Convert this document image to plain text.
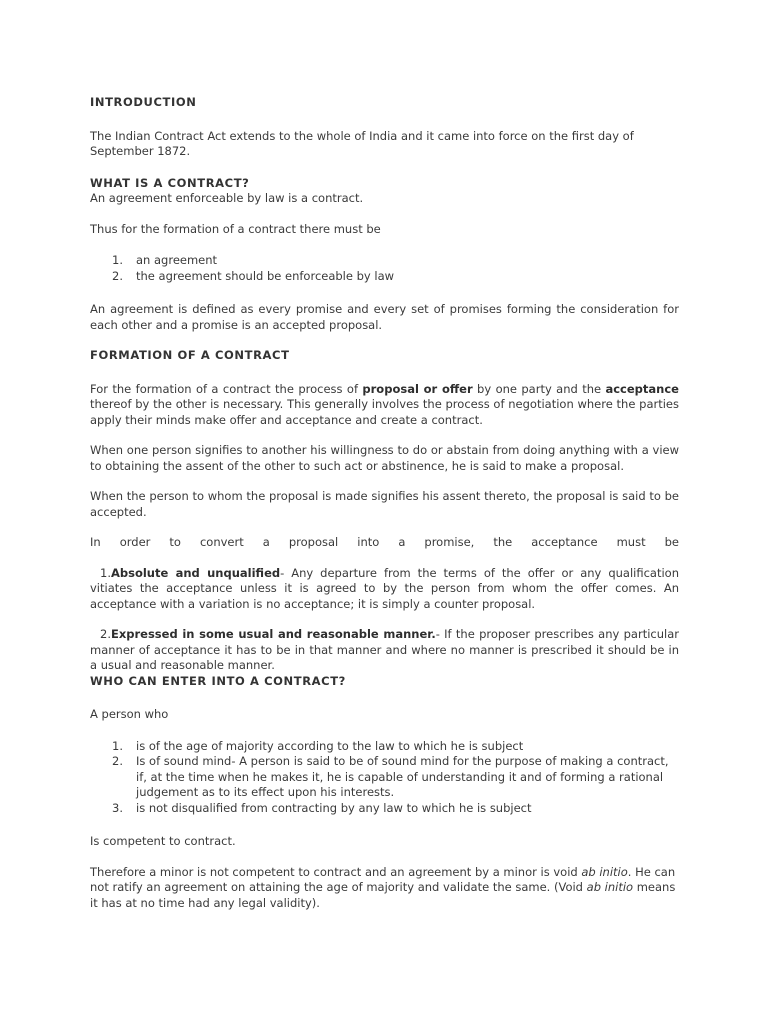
INTRODUCTION

The Indian Contract Act extends to the whole of India and it came into force on the first day of September 1872.

WHAT IS A CONTRACT?

An agreement enforceable by law is a contract.

Thus for the formation of a contract there must be

1. an agreement
2. the agreement should be enforceable by law

An agreement is defined as every promise and every set of promises forming the consideration for each other and a promise is an accepted proposal.

FORMATION OF A CONTRACT

For the formation of a contract the process of proposal or offer by one party and the acceptance thereof by the other is necessary. This generally involves the process of negotiation where the parties apply their minds make offer and acceptance and create a contract.

When one person signifies to another his willingness to do or abstain from doing anything with a view to obtaining the assent of the other to such act or abstinence, he is said to make a proposal.

When the person to whom the proposal is made signifies his assent thereto, the proposal is said to be accepted.

In order to convert a proposal into a promise, the acceptance must be

1.Absolute and unqualified- Any departure from the terms of the offer or any qualification vitiates the acceptance unless it is agreed to by the person from whom the offer comes. An acceptance with a variation is no acceptance; it is simply a counter proposal.

2.Expressed in some usual and reasonable manner.- If the proposer prescribes any particular manner of acceptance it has to be in that manner and where no manner is prescribed it should be in a usual and reasonable manner.

WHO CAN ENTER INTO A CONTRACT?

A person who

1. is of the age of majority according to the law to which he is subject
2. Is of sound mind- A person is said to be of sound mind for the purpose of making a contract, if, at the time when he makes it, he is capable of understanding it and of forming a rational judgement as to its effect upon his interests.
3. is not disqualified from contracting by any law to which he is subject

Is competent to contract.

Therefore a minor is not competent to contract and an agreement by a minor is void ab initio. He can not ratify an agreement on attaining the age of majority and validate the same. (Void ab initio means it has at no time had any legal validity).
